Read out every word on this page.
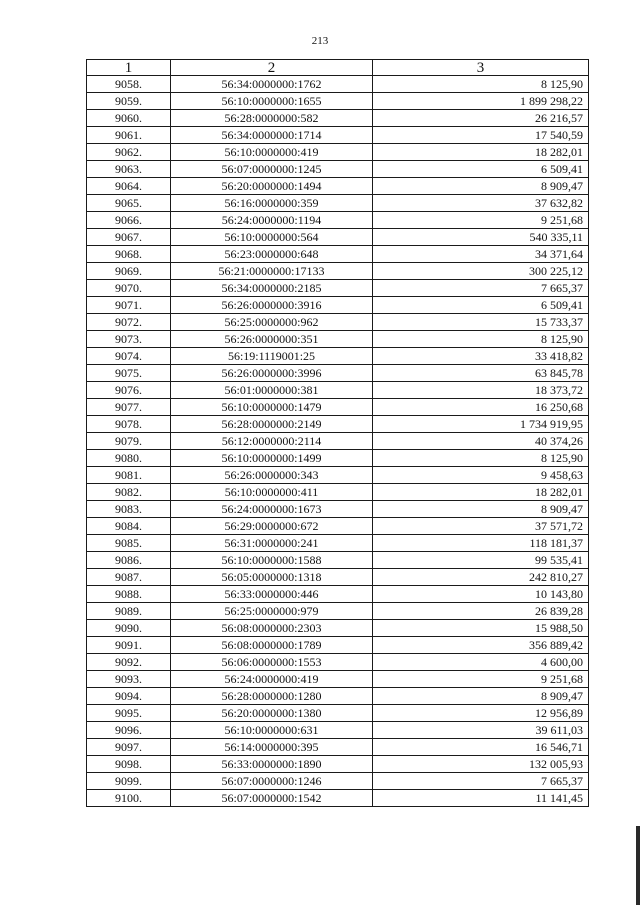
213
1	2	3
9058.	56:34:0000000:1762	8 125,90
9059.	56:10:0000000:1655	1 899 298,22
9060.	56:28:0000000:582	26 216,57
9061.	56:34:0000000:1714	17 540,59
9062.	56:10:0000000:419	18 282,01
9063.	56:07:0000000:1245	6 509,41
9064.	56:20:0000000:1494	8 909,47
9065.	56:16:0000000:359	37 632,82
9066.	56:24:0000000:1194	9 251,68
9067.	56:10:0000000:564	540 335,11
9068.	56:23:0000000:648	34 371,64
9069.	56:21:0000000:17133	300 225,12
9070.	56:34:0000000:2185	7 665,37
9071.	56:26:0000000:3916	6 509,41
9072.	56:25:0000000:962	15 733,37
9073.	56:26:0000000:351	8 125,90
9074.	56:19:1119001:25	33 418,82
9075.	56:26:0000000:3996	63 845,78
9076.	56:01:0000000:381	18 373,72
9077.	56:10:0000000:1479	16 250,68
9078.	56:28:0000000:2149	1 734 919,95
9079.	56:12:0000000:2114	40 374,26
9080.	56:10:0000000:1499	8 125,90
9081.	56:26:0000000:343	9 458,63
9082.	56:10:0000000:411	18 282,01
9083.	56:24:0000000:1673	8 909,47
9084.	56:29:0000000:672	37 571,72
9085.	56:31:0000000:241	118 181,37
9086.	56:10:0000000:1588	99 535,41
9087.	56:05:0000000:1318	242 810,27
9088.	56:33:0000000:446	10 143,80
9089.	56:25:0000000:979	26 839,28
9090.	56:08:0000000:2303	15 988,50
9091.	56:08:0000000:1789	356 889,42
9092.	56:06:0000000:1553	4 600,00
9093.	56:24:0000000:419	9 251,68
9094.	56:28:0000000:1280	8 909,47
9095.	56:20:0000000:1380	12 956,89
9096.	56:10:0000000:631	39 611,03
9097.	56:14:0000000:395	16 546,71
9098.	56:33:0000000:1890	132 005,93
9099.	56:07:0000000:1246	7 665,37
9100.	56:07:0000000:1542	11 141,45
